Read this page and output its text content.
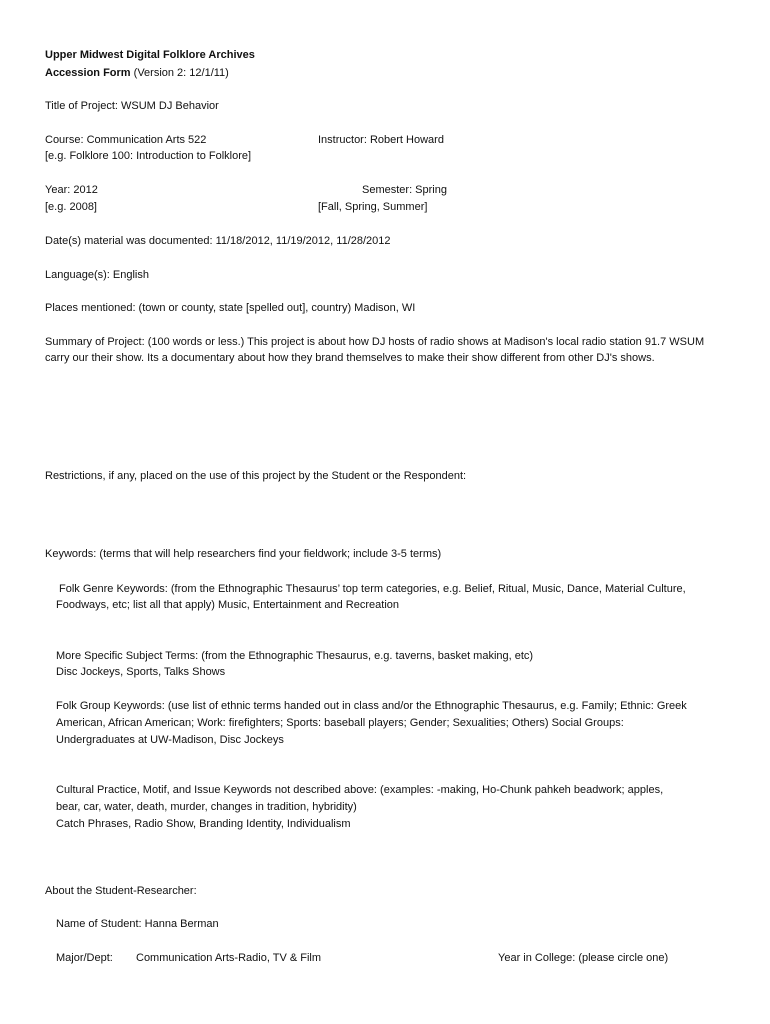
Upper Midwest Digital Folklore Archives
Accession Form (Version 2: 12/1/11)
Title of Project: WSUM DJ Behavior
Course: Communication Arts 522	Instructor: Robert Howard
[e.g. Folklore 100: Introduction to Folklore]
Year: 2012	Semester: Spring
[e.g. 2008]	[Fall, Spring, Summer]
Date(s) material was documented: 11/18/2012, 11/19/2012, 11/28/2012
Language(s): English
Places mentioned: (town or county, state [spelled out], country) Madison, WI
Summary of Project: (100 words or less.) This project is about how DJ hosts of radio shows at Madison's local radio station 91.7 WSUM
carry our their show. Its a documentary about how they brand themselves to make their show different from other DJ's shows.
Restrictions, if any, placed on the use of this project by the Student or the Respondent:
Keywords: (terms that will help researchers find your fieldwork; include 3-5 terms)
Folk Genre Keywords: (from the Ethnographic Thesaurus’ top term categories, e.g. Belief, Ritual, Music, Dance, Material Culture,
Foodways, etc; list all that apply) Music, Entertainment and Recreation
More Specific Subject Terms: (from the Ethnographic Thesaurus, e.g. taverns, basket making, etc)
Disc Jockeys, Sports, Talks Shows
Folk Group Keywords: (use list of ethnic terms handed out in class and/or the Ethnographic Thesaurus, e.g. Family; Ethnic: Greek
American, African American; Work: firefighters; Sports: baseball players; Gender; Sexualities; Others) Social Groups:
Undergraduates at UW-Madison, Disc Jockeys
Cultural Practice, Motif, and Issue Keywords not described above: (examples: -making, Ho-Chunk pahkeh beadwork; apples,
bear, car, water, death, murder, changes in tradition, hybridity)
Catch Phrases, Radio Show, Branding Identity, Individualism
About the Student-Researcher:
Name of Student: Hanna Berman
Major/Dept: Communication Arts-Radio, TV & Film	Year in College: (please circle one)
